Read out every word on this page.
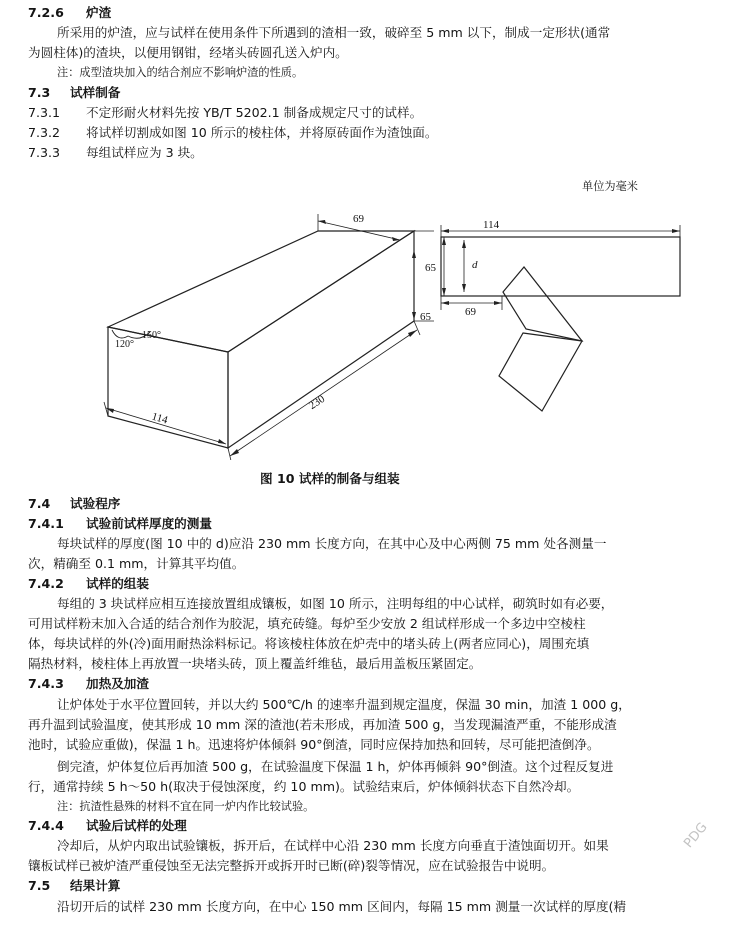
7.2.6 炉渣
所采用的炉渣，应与试样在使用条件下所遇到的渣相一致，破碎至 5 mm 以下，制成一定形状(通常
为圆柱体)的渣块，以便用钢钳，经堵头砖圆孔送入炉内。
注：成型渣块加入的结合剂应不影响炉渣的性质。
7.3 试样制备
7.3.1 不定形耐火材料先按 YB/T 5202.1 制备成规定尺寸的试样。
7.3.2 将试样切割成如图 10 所示的棱柱体，并将原砖面作为渣蚀面。
7.3.3 每组试样应为 3 块。
单位为毫米
69
65
230
114
120°
150°
114
65	d
69
图 10 试样的制备与组装
7.4 试验程序
7.4.1 试验前试样厚度的测量
每块试样的厚度(图 10 中的 d)应沿 230 mm 长度方向，在其中心及中心两侧 75 mm 处各测量一
次，精确至 0.1 mm，计算其平均值。
7.4.2 试样的组装
每组的 3 块试样应相互连接放置组成镶板，如图 10 所示，注明每组的中心试样，砌筑时如有必要，
可用试样粉末加入合适的结合剂作为胶泥，填充砖缝。每炉至少安放 2 组试样形成一个多边中空棱柱
体，每块试样的外(冷)面用耐热涂料标记。将该棱柱体放在炉壳中的堵头砖上(两者应同心)，周围充填
隔热材料，棱柱体上再放置一块堵头砖，顶上覆盖纤维毡，最后用盖板压紧固定。
7.4.3 加热及加渣
让炉体处于水平位置回转，并以大约 500℃/h 的速率升温到规定温度，保温 30 min，加渣 1 000 g，
再升温到试验温度，使其形成 10 mm 深的渣池(若未形成，再加渣 500 g，当发现漏渣严重，不能形成渣
池时，试验应重做)，保温 1 h。迅速将炉体倾斜 90°倒渣，同时应保持加热和回转，尽可能把渣倒净。
倒完渣，炉体复位后再加渣 500 g，在试验温度下保温 1 h，炉体再倾斜 90°倒渣。这个过程反复进
行，通常持续 5 h～50 h(取决于侵蚀深度，约 10 mm)。试验结束后，炉体倾斜状态下自然冷却。
注：抗渣性悬殊的材料不宜在同一炉内作比较试验。
7.4.4 试验后试样的处理
冷却后，从炉内取出试验镶板，拆开后，在试样中心沿 230 mm 长度方向垂直于渣蚀面切开。如果
镶板试样已被炉渣严重侵蚀至无法完整拆开或拆开时已断(碎)裂等情况，应在试验报告中说明。
7.5 结果计算
沿切开后的试样 230 mm 长度方向，在中心 150 mm 区间内，每隔 15 mm 测量一次试样的厚度(精
PDG
